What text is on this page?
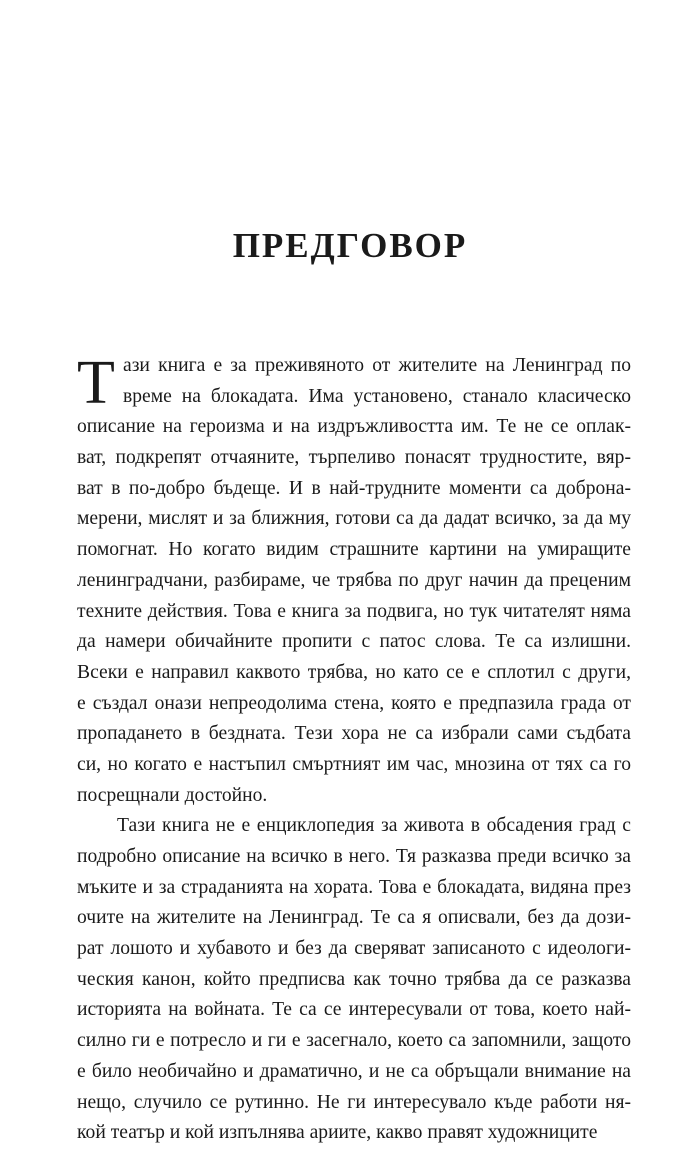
ПРЕДГОВОР
Т ази книга е за преживяното от жителите на Ленинград по
време на блокадата. Има установено, станало класическо
описание на героизма и на издръжливостта им. Те не се оплак-
ват, подкрепят отчаяните, търпеливо понасят трудностите, вяр-
ват в по-добро бъдеще. И в най-трудните моменти са доброна-
мерени, мислят и за ближния, готови са да дадат всичко, за да му
помогнат. Но когато видим страшните картини на умиращите
ленинградчани, разбираме, че трябва по друг начин да преценим
техните действия. Това е книга за подвига, но тук читателят няма
да намери обичайните пропити с патос слова. Те са излишни.
Всеки е направил каквото трябва, но като се е сплотил с други,
е създал онази непреодолима стена, която е предпазила града от
пропадането в бездната. Тези хора не са избрали сами съдбата
си, но когато е настъпил смъртният им час, мнозина от тях са го
посрещнали достойно.
Тази книга не е енциклопедия за живота в обсадения град с
подробно описание на всичко в него. Тя разказва преди всичко за
мъките и за страданията на хората. Това е блокадата, видяна през
очите на жителите на Ленинград. Те са я описвали, без да дози-
рат лошото и хубавото и без да сверяват записаното с идеологи-
ческия канон, който предписва как точно трябва да се разказва
историята на войната. Те са се интересували от това, което най-
силно ги е потресло и ги е засегнало, което са запомнили, защото
е било необичайно и драматично, и не са обръщали внимание на
нещо, случило се рутинно. Не ги интересувало къде работи ня-
кой театър и кой изпълнява ариите, какво правят художниците
